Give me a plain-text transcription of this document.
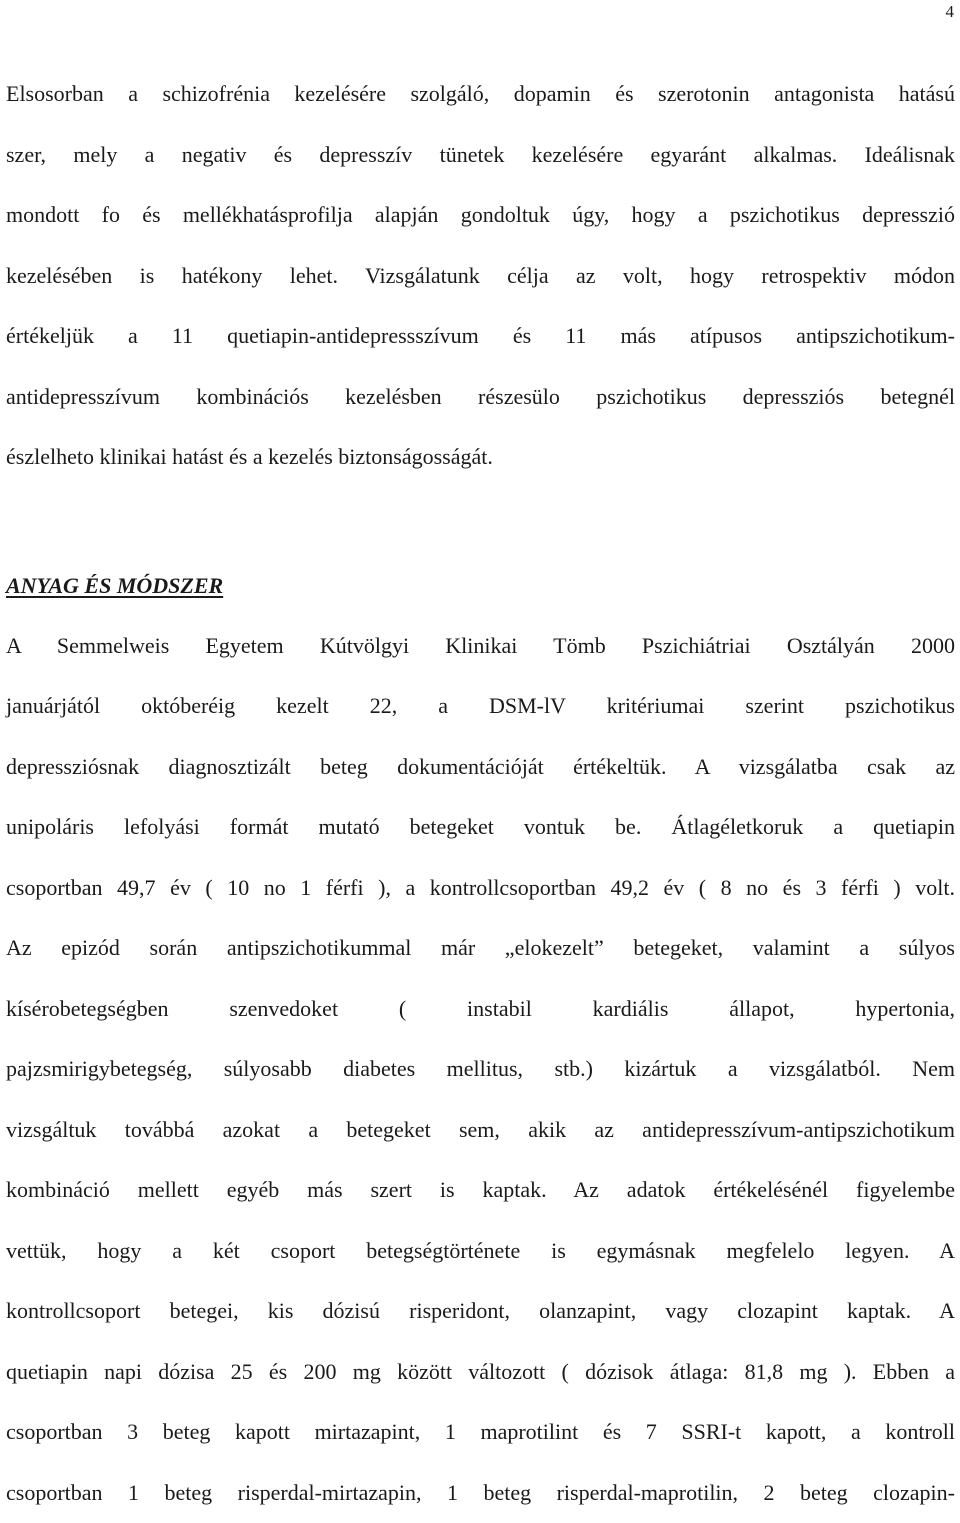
4
Elsosorban a schizofrénia kezelésére szolgáló, dopamin és szerotonin antagonista hatású
szer, mely a negativ és depresszív tünetek kezelésére egyaránt alkalmas. Ideálisnak
mondott fo és mellékhatásprofilja alapján gondoltuk úgy, hogy a pszichotikus depresszió
kezelésében is hatékony lehet. Vizsgálatunk célja az volt, hogy retrospektiv módon
értékeljük a 11 quetiapin-antidepressszívum és 11 más atípusos antipszichotikum-
antidepresszívum kombinációs kezelésben részesülo pszichotikus depressziós betegnél
észlelheto klinikai hatást és a kezelés biztonságosságát.
ANYAG ÉS MÓDSZER
A Semmelweis Egyetem Kútvölgyi Klinikai Tömb Pszichiátriai Osztályán 2000
januárjától októberéig kezelt 22, a DSM-lV kritériumai szerint pszichotikus
depressziósnak diagnosztizált beteg dokumentációját értékeltük. A vizsgálatba csak az
unipoláris lefolyási formát mutató betegeket vontuk be. Átlagéletkoruk a quetiapin
csoportban 49,7 év ( 10 no 1 férfi ), a kontrollcsoportban 49,2 év ( 8 no és 3 férfi ) volt.
Az epizód során antipszichotikummal már „elokezelt” betegeket, valamint a súlyos
kísérobetegségben szenvedoket ( instabil kardiális állapot, hypertonia,
pajzsmirigybetegség, súlyosabb diabetes mellitus, stb.) kizártuk a vizsgálatból. Nem
vizsgáltuk továbbá azokat a betegeket sem, akik az antidepresszívum-antipszichotikum
kombináció mellett egyéb más szert is kaptak. Az adatok értékelésénél figyelembe
vettük, hogy a két csoport betegségtörténete is egymásnak megfelelo legyen. A
kontrollcsoport betegei, kis dózisú risperidont, olanzapint, vagy clozapint kaptak. A
quetiapin napi dózisa 25 és 200 mg között változott ( dózisok átlaga: 81,8 mg ). Ebben a
csoportban 3 beteg kapott mirtazapint, 1 maprotilint és 7 SSRI-t kapott, a kontroll
csoportban 1 beteg risperdal-mirtazapin, 1 beteg risperdal-maprotilin, 2 beteg clozapin-
